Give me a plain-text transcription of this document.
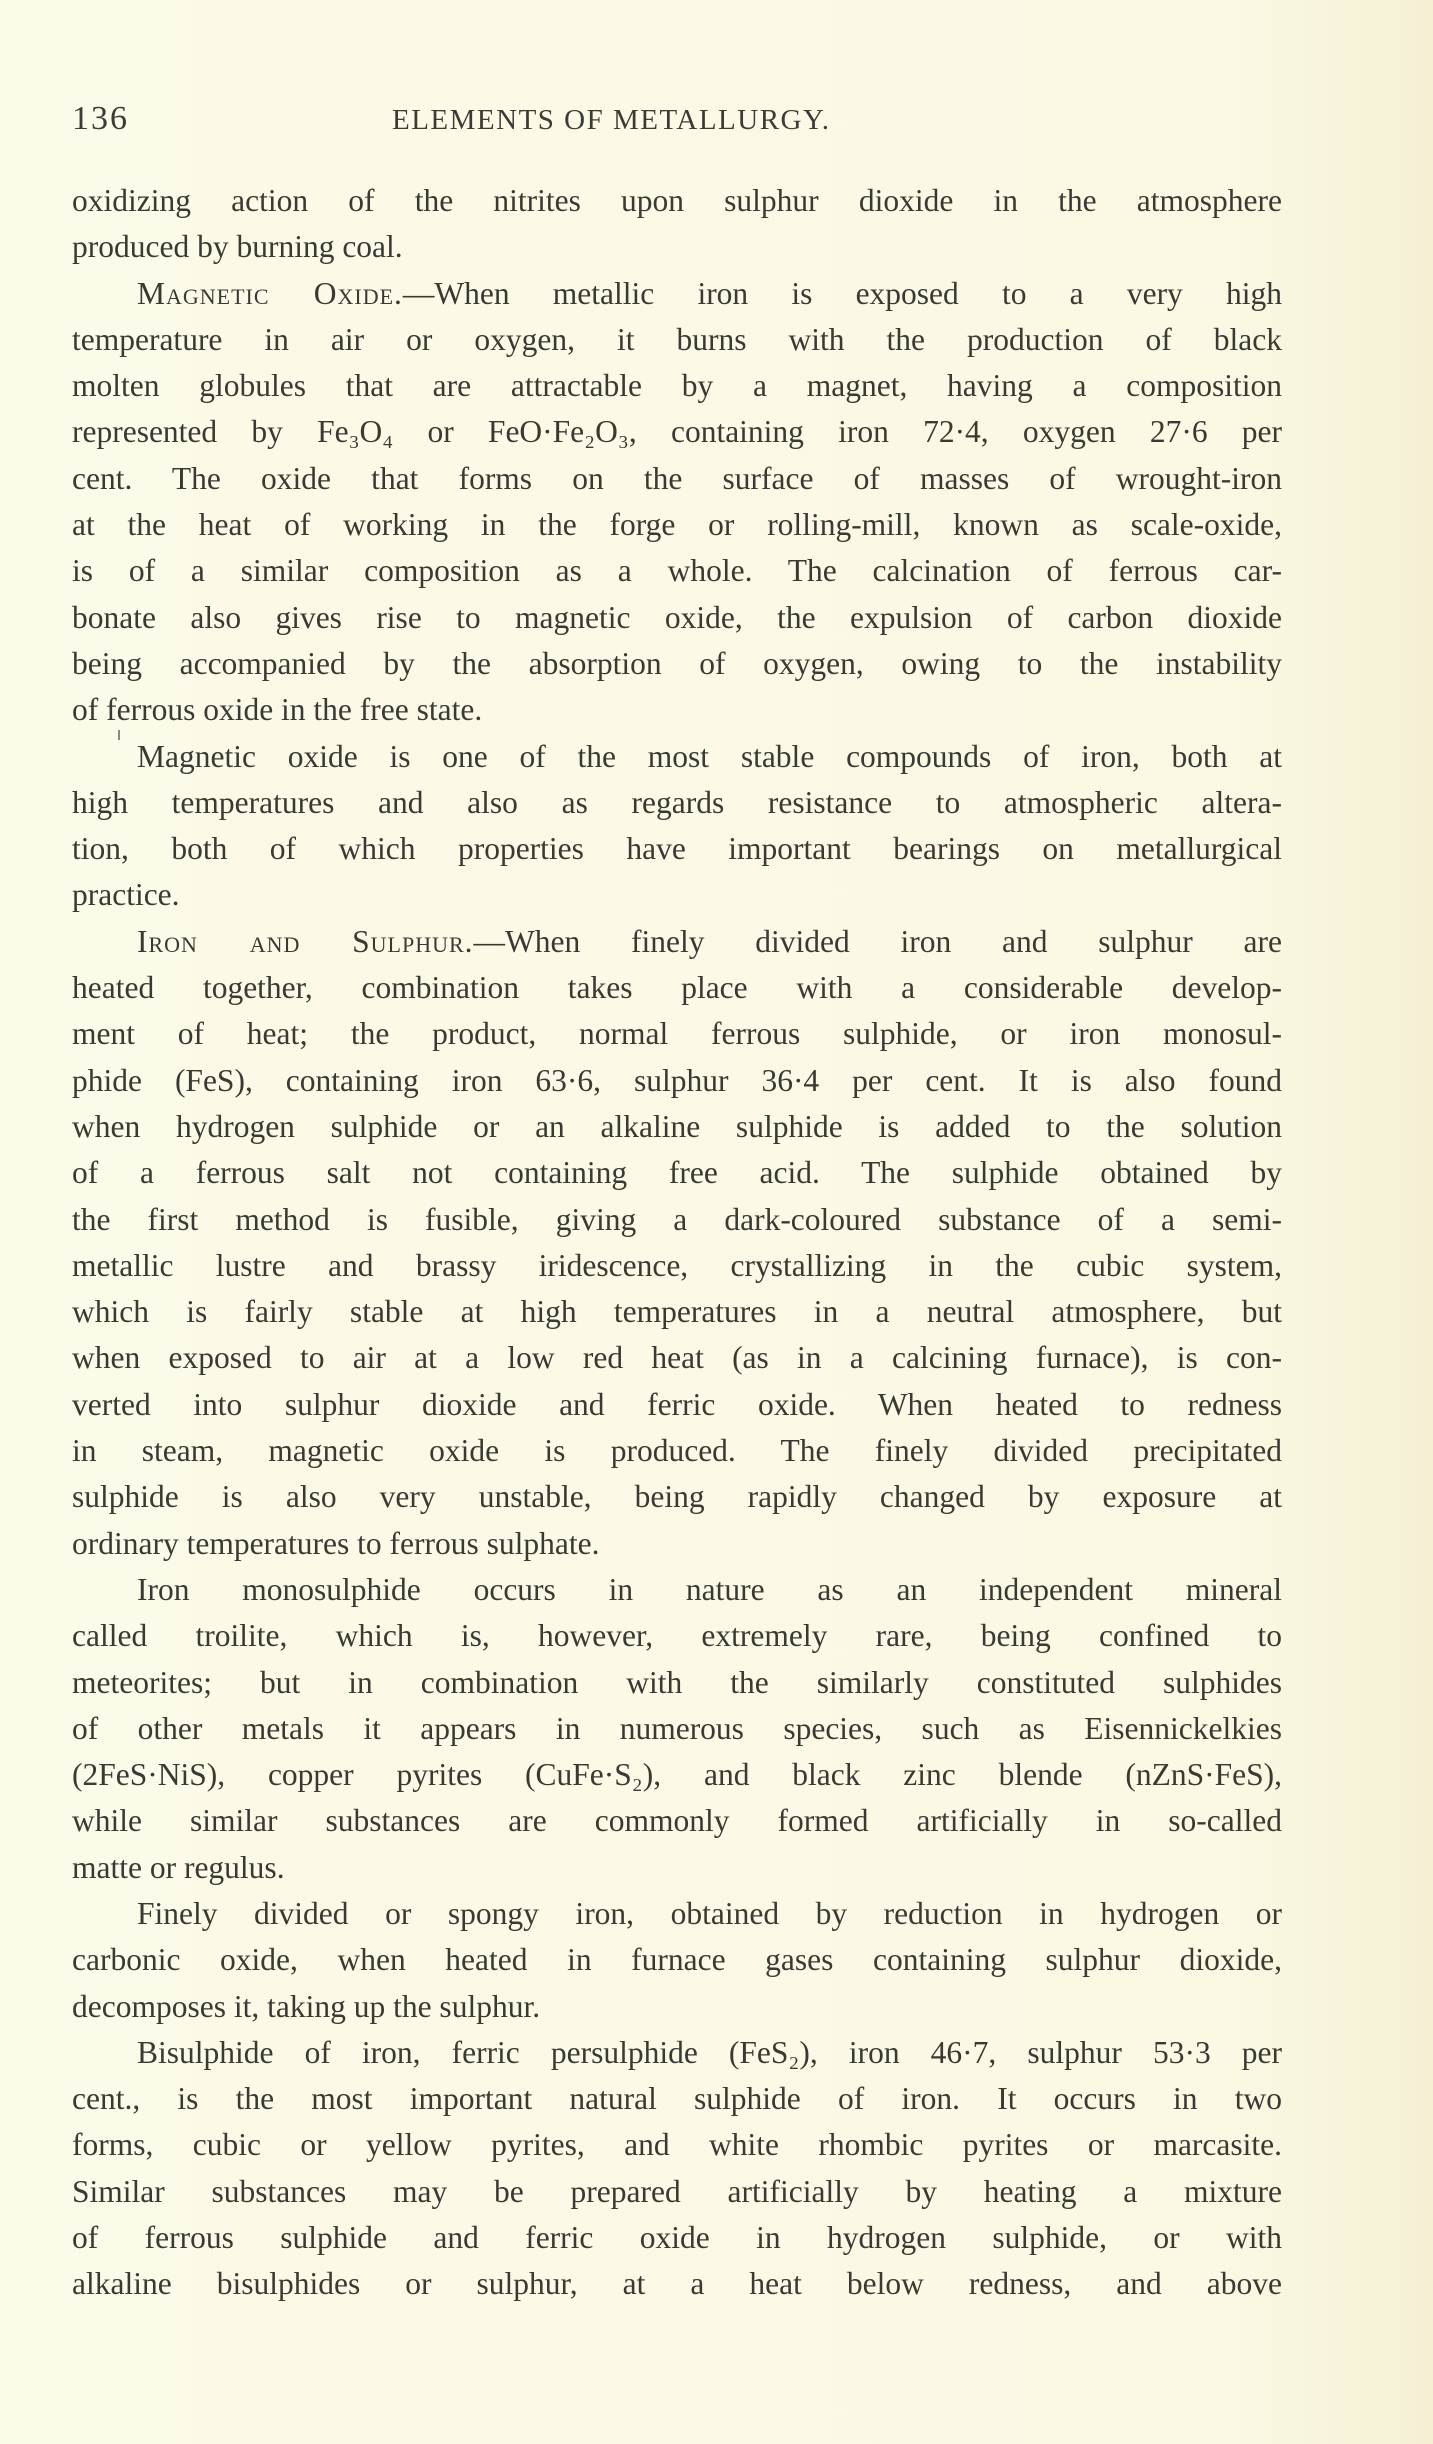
136	ELEMENTS OF METALLURGY.
oxidizing action of the nitrites upon sulphur dioxide in the atmosphere
produced by burning coal.
Magnetic Oxide.—When metallic iron is exposed to a very high
temperature in air or oxygen, it burns with the production of black
molten globules that are attractable by a magnet, having a composition
represented by Fe₃O₄ or FeO·Fe₂O₃, containing iron 72·4, oxygen 27·6 per
cent. The oxide that forms on the surface of masses of wrought-iron
at the heat of working in the forge or rolling-mill, known as scale-oxide,
is of a similar composition as a whole. The calcination of ferrous car-
bonate also gives rise to magnetic oxide, the expulsion of carbon dioxide
being accompanied by the absorption of oxygen, owing to the instability
of ferrous oxide in the free state.
Magnetic oxide is one of the most stable compounds of iron, both at
high temperatures and also as regards resistance to atmospheric altera-
tion, both of which properties have important bearings on metallurgical
practice.
Iron and Sulphur.—When finely divided iron and sulphur are
heated together, combination takes place with a considerable develop-
ment of heat; the product, normal ferrous sulphide, or iron monosul-
phide (FeS), containing iron 63·6, sulphur 36·4 per cent. It is also found
when hydrogen sulphide or an alkaline sulphide is added to the solution
of a ferrous salt not containing free acid. The sulphide obtained by
the first method is fusible, giving a dark-coloured substance of a semi-
metallic lustre and brassy iridescence, crystallizing in the cubic system,
which is fairly stable at high temperatures in a neutral atmosphere, but
when exposed to air at a low red heat (as in a calcining furnace), is con-
verted into sulphur dioxide and ferric oxide. When heated to redness
in steam, magnetic oxide is produced. The finely divided precipitated
sulphide is also very unstable, being rapidly changed by exposure at
ordinary temperatures to ferrous sulphate.
Iron monosulphide occurs in nature as an independent mineral
called troilite, which is, however, extremely rare, being confined to
meteorites; but in combination with the similarly constituted sulphides
of other metals it appears in numerous species, such as Eisennickelkies
(2FeS·NiS), copper pyrites (CuFe·S₂), and black zinc blende (nZnS·FeS),
while similar substances are commonly formed artificially in so-called
matte or regulus.
Finely divided or spongy iron, obtained by reduction in hydrogen or
carbonic oxide, when heated in furnace gases containing sulphur dioxide,
decomposes it, taking up the sulphur.
Bisulphide of iron, ferric persulphide (FeS₂), iron 46·7, sulphur 53·3 per
cent., is the most important natural sulphide of iron. It occurs in two
forms, cubic or yellow pyrites, and white rhombic pyrites or marcasite.
Similar substances may be prepared artificially by heating a mixture
of ferrous sulphide and ferric oxide in hydrogen sulphide, or with
alkaline bisulphides or sulphur, at a heat below redness, and above
